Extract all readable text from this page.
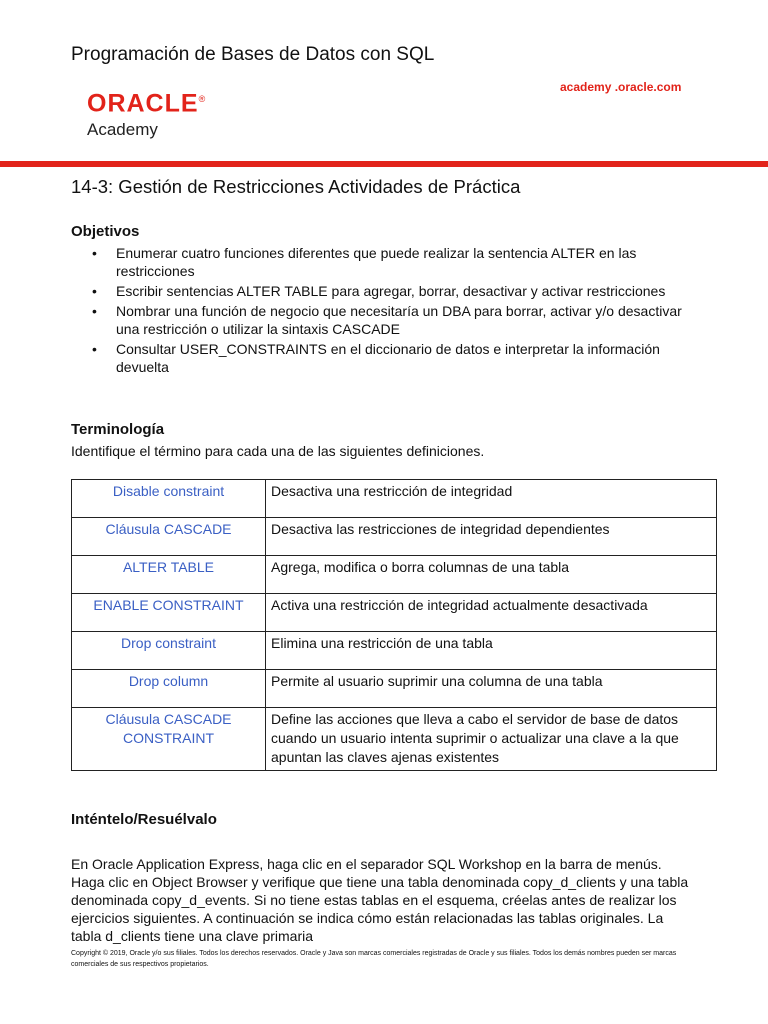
Programación de Bases de Datos con SQL
ORACLE®
Academy
academy .oracle.com
14-3: Gestión de Restricciones Actividades de Práctica
Objetivos
• Enumerar cuatro funciones diferentes que puede realizar la sentencia ALTER en las restricciones
• Escribir sentencias ALTER TABLE para agregar, borrar, desactivar y activar restricciones
• Nombrar una función de negocio que necesitaría un DBA para borrar, activar y/o desactivar una restricción o utilizar la sintaxis CASCADE
• Consultar USER_CONSTRAINTS en el diccionario de datos e interpretar la información devuelta
Terminología
Identifique el término para cada una de las siguientes definiciones.
Disable constraint	Desactiva una restricción de integridad
Cláusula CASCADE	Desactiva las restricciones de integridad dependientes
ALTER TABLE	Agrega, modifica o borra columnas de una tabla
ENABLE CONSTRAINT	Activa una restricción de integridad actualmente desactivada
Drop constraint	Elimina una restricción de una tabla
Drop column	Permite al usuario suprimir una columna de una tabla
Cláusula CASCADE CONSTRAINT	Define las acciones que lleva a cabo el servidor de base de datos cuando un usuario intenta suprimir o actualizar una clave a la que apuntan las claves ajenas existentes
Inténtelo/Resuélvalo

En Oracle Application Express, haga clic en el separador SQL Workshop en la barra de menús. Haga clic en Object Browser y verifique que tiene una tabla denominada copy_d_clients y una tabla denominada copy_d_events. Si no tiene estas tablas en el esquema, créelas antes de realizar los ejercicios siguientes. A continuación se indica cómo están relacionadas las tablas originales. La tabla d_clients tiene una clave primaria

Copyright © 2019, Oracle y/o sus filiales. Todos los derechos reservados. Oracle y Java son marcas comerciales registradas de Oracle y sus filiales. Todos los demás nombres pueden ser marcas comerciales de sus respectivos propietarios.
